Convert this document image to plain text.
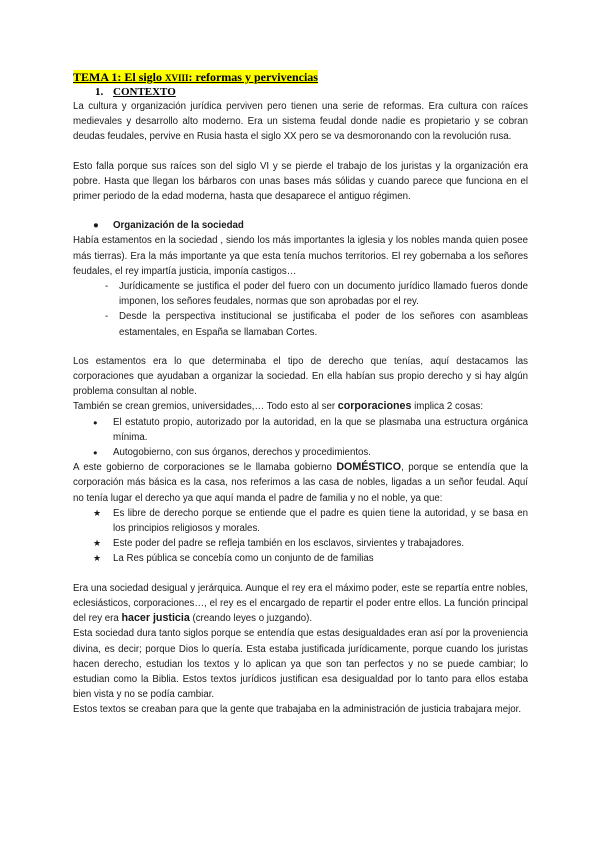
TEMA 1: El siglo XVIII: reformas y pervivencias
1. CONTEXTO

La cultura y organización jurídica perviven pero tienen una serie de reformas. Era cultura con raíces medievales y desarrollo alto moderno. Era un sistema feudal donde nadie es propietario y se cobran deudas feudales, pervive en Rusia hasta el siglo XX pero se va desmoronando con la revolución rusa.

Esto falla porque sus raíces son del siglo VI y se pierde el trabajo de los juristas y la organización era pobre. Hasta que llegan los bárbaros con unas bases más sólidas y cuando parece que funciona en el primer periodo de la edad moderna, hasta que desaparece el antiguo régimen.

● Organización de la sociedad

Había estamentos en la sociedad , siendo los más importantes la iglesia y los nobles manda quien posee más tierras). Era la más importante ya que esta tenía muchos territorios. El rey gobernaba a los señores feudales, el rey impartía justicia, imponía castigos…

- Jurídicamente se justifica el poder del fuero con un documento jurídico llamado fueros donde imponen, los señores feudales, normas que son aprobadas por el rey.
- Desde la perspectiva institucional se justificaba el poder de los señores con asambleas estamentales, en España se llamaban Cortes.

Los estamentos era lo que determinaba el tipo de derecho que tenías, aquí destacamos las corporaciones que ayudaban a organizar la sociedad. En ella habían sus propio derecho y si hay algún problema consultan al noble.

También se crean gremios, universidades,… Todo esto al ser corporaciones implica 2 cosas:

● El estatuto propio, autorizado por la autoridad, en la que se plasmaba una estructura orgánica mínima.
● Autogobierno, con sus órganos, derechos y procedimientos.

A este gobierno de corporaciones se le llamaba gobierno DOMÉSTICO, porque se entendía que la corporación más básica es la casa, nos referimos a las casa de nobles, ligadas a un señor feudal. Aquí no tenía lugar el derecho ya que aquí manda el padre de familia y no el noble, ya que:

★ Es libre de derecho porque se entiende que el padre es quien tiene la autoridad, y se basa en los principios religiosos y morales.
★ Este poder del padre se refleja también en los esclavos, sirvientes y trabajadores.
★ La Res pública se concebía como un conjunto de de familias

Era una sociedad desigual y jerárquica. Aunque el rey era el máximo poder, este se repartía entre nobles, eclesiásticos, corporaciones…, el rey es el encargado de repartir el poder entre ellos. La función principal del rey era hacer justicia (creando leyes o juzgando).

Esta sociedad dura tanto siglos porque se entendía que estas desigualdades eran así por la proveniencia divina, es decir; porque Dios lo quería. Esta estaba justificada jurídicamente, porque cuando los juristas hacen derecho, estudian los textos y lo aplican ya que son tan perfectos y no se puede cambiar; lo estudian como la Biblia. Estos textos jurídicos justifican esa desigualdad por lo tanto para ellos estaba bien vista y no se podía cambiar.

Estos textos se creaban para que la gente que trabajaba en la administración de justicia trabajara mejor.
